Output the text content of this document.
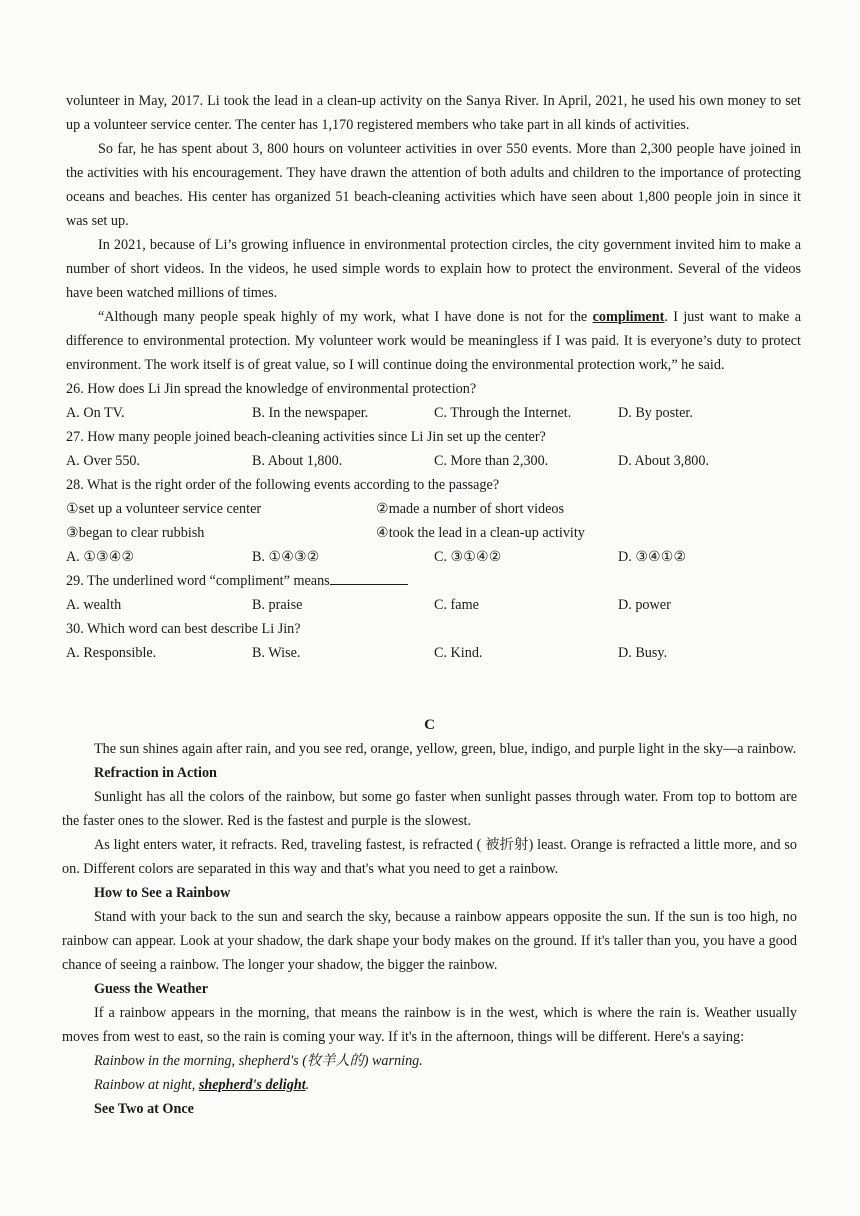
volunteer in May, 2017. Li took the lead in a clean-up activity on the Sanya River. In April, 2021, he used his own money to set up a volunteer service center. The center has 1,170 registered members who take part in all kinds of activities.

So far, he has spent about 3, 800 hours on volunteer activities in over 550 events. More than 2,300 people have joined in the activities with his encouragement. They have drawn the attention of both adults and children to the importance of protecting oceans and beaches. His center has organized 51 beach-cleaning activities which have seen about 1,800 people join in since it was set up.

In 2021, because of Li’s growing influence in environmental protection circles, the city government invited him to make a number of short videos. In the videos, he used simple words to explain how to protect the environment. Several of the videos have been watched millions of times.

“Although many people speak highly of my work, what I have done is not for the compliment. I just want to make a difference to environmental protection. My volunteer work would be meaningless if I was paid. It is everyone’s duty to protect environment. The work itself is of great value, so I will continue doing the environmental protection work,” he said.

26. How does Li Jin spread the knowledge of environmental protection?
A. On TV.	B. In the newspaper.	C. Through the Internet.	D. By poster.
27. How many people joined beach-cleaning activities since Li Jin set up the center?
A. Over 550.	B. About 1,800.	C. More than 2,300.	D. About 3,800.
28. What is the right order of the following events according to the passage?
①set up a volunteer service center	②made a number of short videos
③began to clear rubbish	④took the lead in a clean-up activity
A. ①③④②	B. ①④③②	C. ③①④②	D. ③④①②
29. The underlined word “compliment” means
A. wealth	B. praise	C. fame	D. power
30. Which word can best describe Li Jin?
A. Responsible.	B. Wise.	C. Kind.	D. Busy.
C

The sun shines again after rain, and you see red, orange, yellow, green, blue, indigo, and purple light in the sky—a rainbow.

Refraction in Action

Sunlight has all the colors of the rainbow, but some go faster when sunlight passes through water. From top to bottom are the faster ones to the slower. Red is the fastest and purple is the slowest.

As light enters water, it refracts. Red, traveling fastest, is refracted ( 被折射) least. Orange is refracted a little more, and so on. Different colors are separated in this way and that's what you need to get a rainbow.

How to See a Rainbow

Stand with your back to the sun and search the sky, because a rainbow appears opposite the sun. If the sun is too high, no rainbow can appear. Look at your shadow, the dark shape your body makes on the ground. If it's taller than you, you have a good chance of seeing a rainbow. The longer your shadow, the bigger the rainbow.

Guess the Weather

If a rainbow appears in the morning, that means the rainbow is in the west, which is where the rain is. Weather usually moves from west to east, so the rain is coming your way. If it's in the afternoon, things will be different. Here's a saying:

Rainbow in the morning, shepherd's (牧羊人的) warning.
Rainbow at night, shepherd's delight.
See Two at Once
